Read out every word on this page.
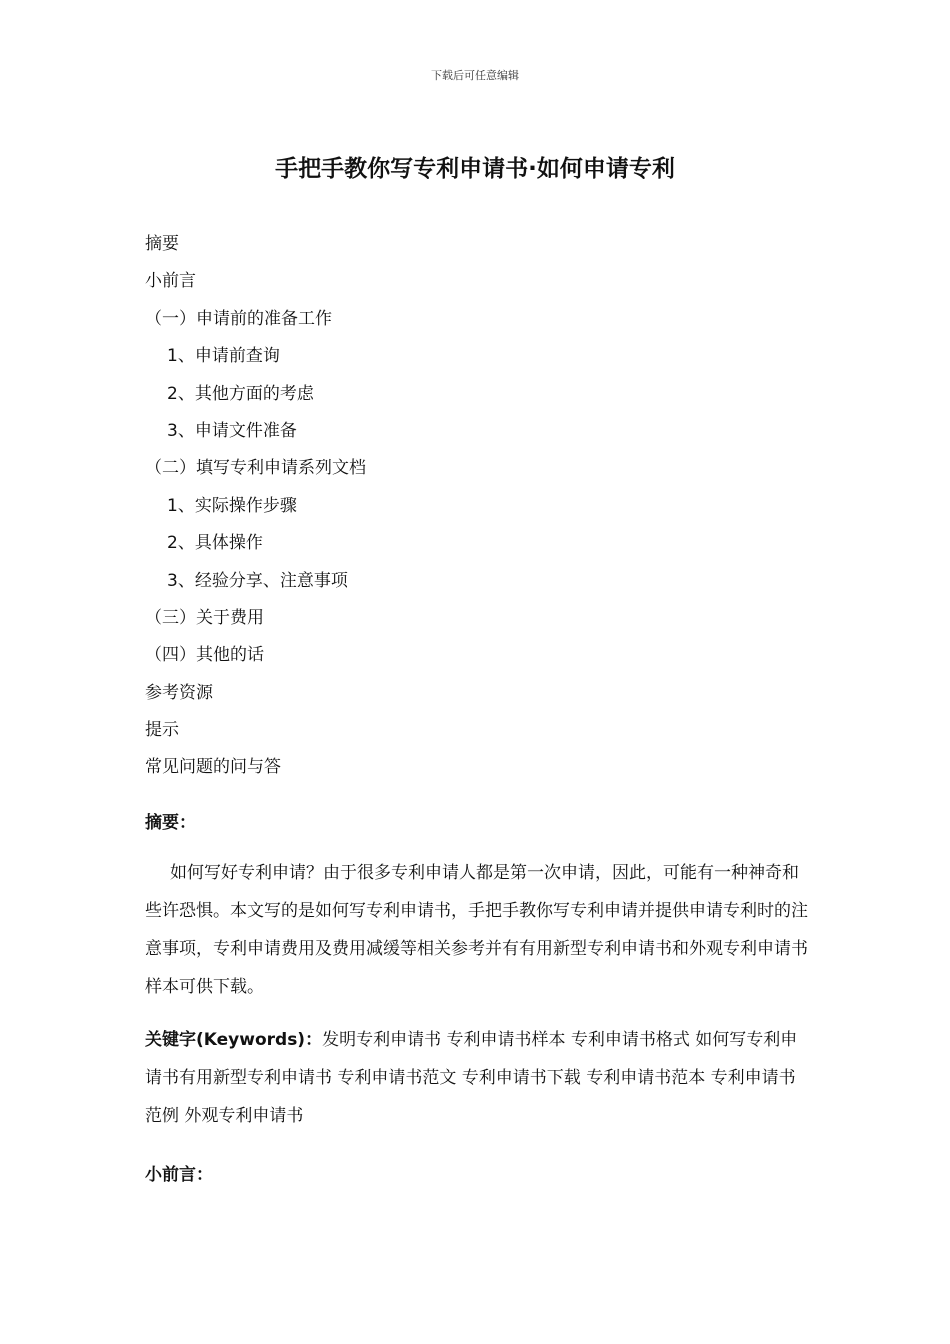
下载后可任意编辑
手把手教你写专利申请书·如何申请专利
摘要
小前言
（一）申请前的准备工作
1、申请前查询
2、其他方面的考虑
3、申请文件准备
（二）填写专利申请系列文档
1、实际操作步骤
2、具体操作
3、经验分享、注意事项
（三）关于费用
（四）其他的话
参考资源
提示
常见问题的问与答
摘要：

如何写好专利申请？由于很多专利申请人都是第一次申请，因此，可能有一种神奇和些许恐惧。本文写的是如何写专利申请书，手把手教你写专利申请并提供申请专利时的注意事项，专利申请费用及费用减缓等相关参考并有有用新型专利申请书和外观专利申请书样本可供下载。

关键字(Keywords)：发明专利申请书 专利申请书样本 专利申请书格式 如何写专利申请书有用新型专利申请书 专利申请书范文 专利申请书下载 专利申请书范本 专利申请书范例 外观专利申请书

小前言：
